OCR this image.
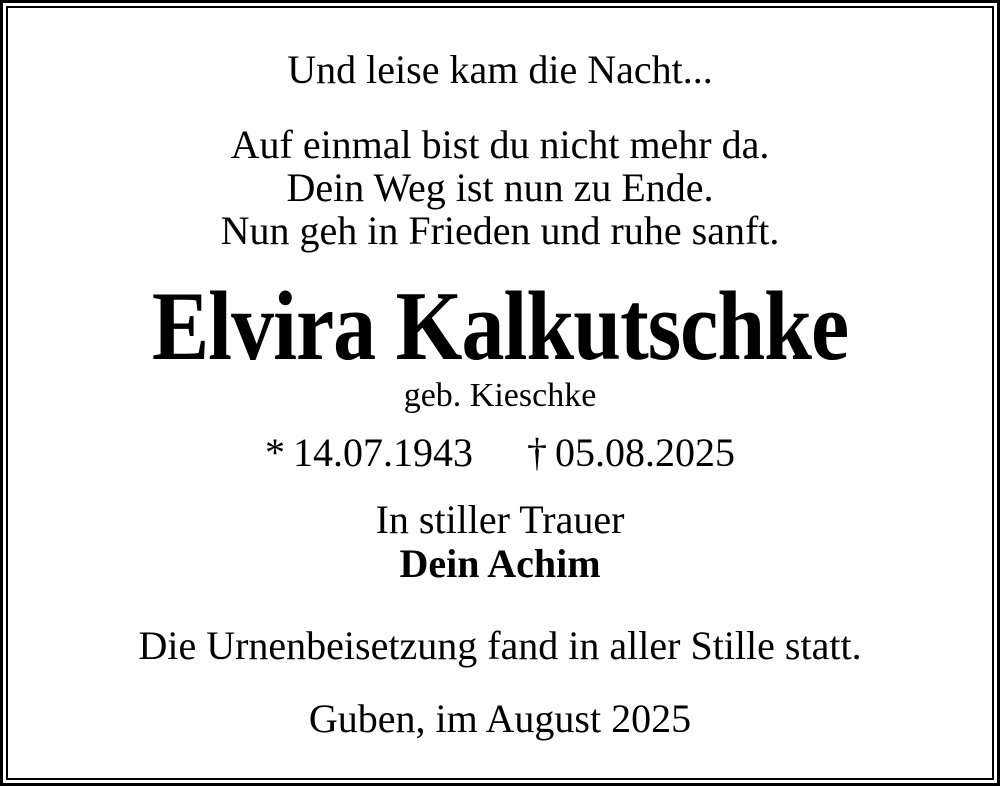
Und leise kam die Nacht...
Auf einmal bist du nicht mehr da.
Dein Weg ist nun zu Ende.
Nun geh in Frieden und ruhe sanft.
Elvira Kalkutschke
geb. Kieschke
* 14.07.1943 † 05.08.2025
In stiller Trauer
Dein Achim
Die Urnenbeisetzung fand in aller Stille statt.
Guben, im August 2025
